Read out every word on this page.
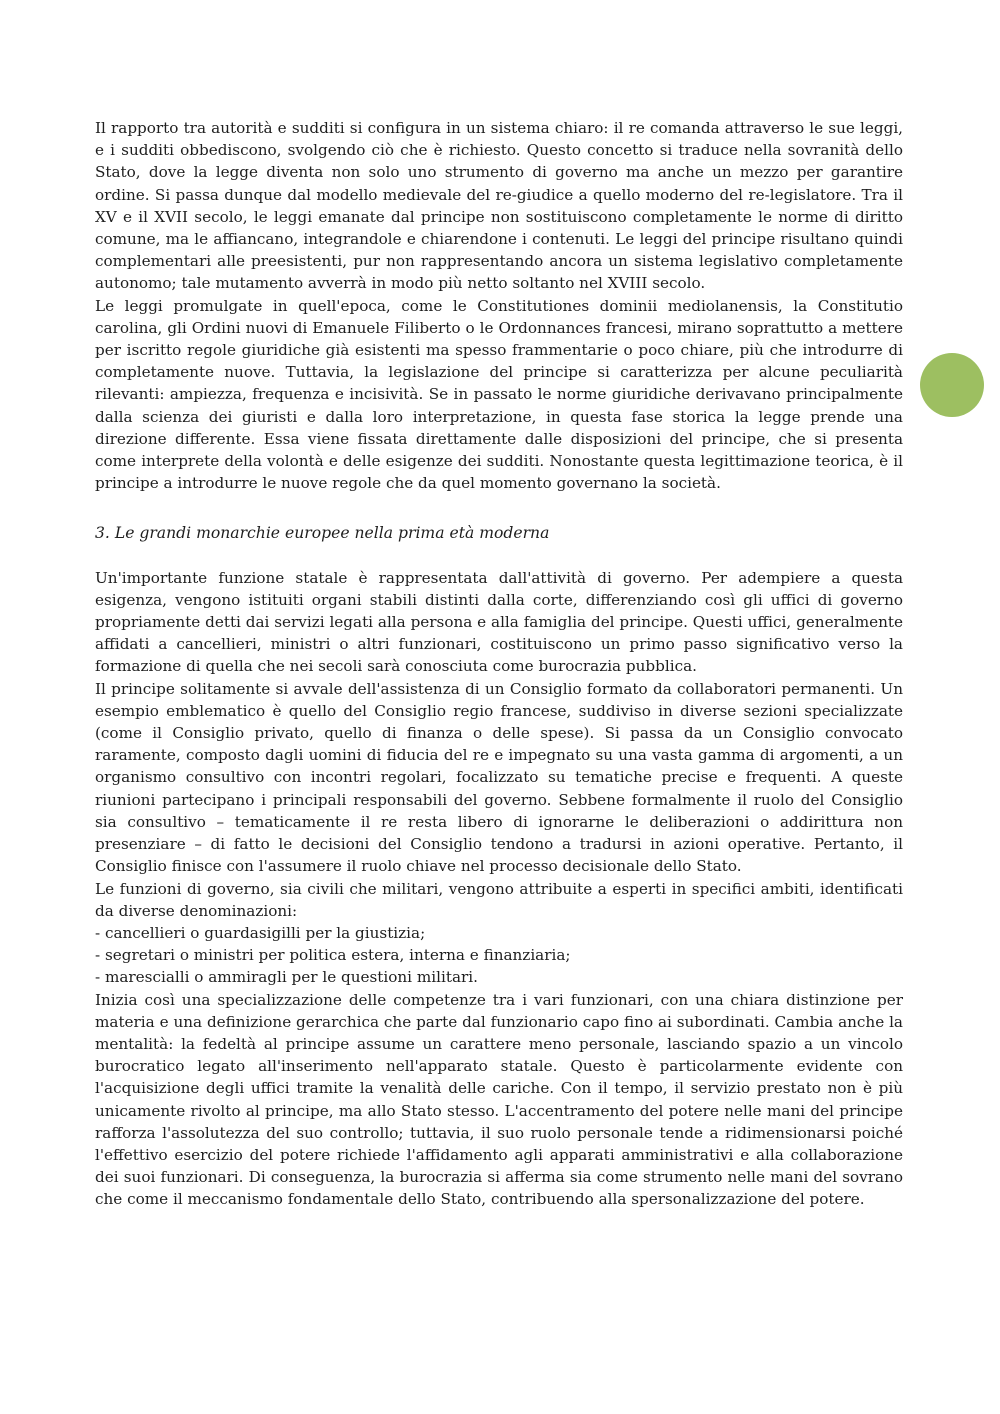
Il rapporto tra autorità e sudditi si configura in un sistema chiaro: il re comanda attraverso le sue leggi, e i sudditi obbediscono, svolgendo ciò che è richiesto. Questo concetto si traduce nella sovranità dello Stato, dove la legge diventa non solo uno strumento di governo ma anche un mezzo per garantire ordine. Si passa dunque dal modello medievale del re-giudice a quello moderno del re-legislatore. Tra il XV e il XVII secolo, le leggi emanate dal principe non sostituiscono completamente le norme di diritto comune, ma le affiancano, integrandole e chiarendone i contenuti. Le leggi del principe risultano quindi complementari alle preesistenti, pur non rappresentando ancora un sistema legislativo completamente autonomo; tale mutamento avverrà in modo più netto soltanto nel XVIII secolo.

Le leggi promulgate in quell'epoca, come le Constitutiones dominii mediolanensis, la Constitutio carolina, gli Ordini nuovi di Emanuele Filiberto o le Ordonnances francesi, mirano soprattutto a mettere per iscritto regole giuridiche già esistenti ma spesso frammentarie o poco chiare, più che introdurre di completamente nuove. Tuttavia, la legislazione del principe si caratterizza per alcune peculiarità rilevanti: ampiezza, frequenza e incisività. Se in passato le norme giuridiche derivavano principalmente dalla scienza dei giuristi e dalla loro interpretazione, in questa fase storica la legge prende una direzione differente. Essa viene fissata direttamente dalle disposizioni del principe, che si presenta come interprete della volontà e delle esigenze dei sudditi. Nonostante questa legittimazione teorica, è il principe a introdurre le nuove regole che da quel momento governano la società.

3. Le grandi monarchie europee nella prima età moderna

Un'importante funzione statale è rappresentata dall'attività di governo. Per adempiere a questa esigenza, vengono istituiti organi stabili distinti dalla corte, differenziando così gli uffici di governo propriamente detti dai servizi legati alla persona e alla famiglia del principe. Questi uffici, generalmente affidati a cancellieri, ministri o altri funzionari, costituiscono un primo passo significativo verso la formazione di quella che nei secoli sarà conosciuta come burocrazia pubblica.

Il principe solitamente si avvale dell'assistenza di un Consiglio formato da collaboratori permanenti. Un esempio emblematico è quello del Consiglio regio francese, suddiviso in diverse sezioni specializzate (come il Consiglio privato, quello di finanza o delle spese). Si passa da un Consiglio convocato raramente, composto dagli uomini di fiducia del re e impegnato su una vasta gamma di argomenti, a un organismo consultivo con incontri regolari, focalizzato su tematiche precise e frequenti. A queste riunioni partecipano i principali responsabili del governo. Sebbene formalmente il ruolo del Consiglio sia consultivo – tematicamente il re resta libero di ignorarne le deliberazioni o addirittura non presenziare – di fatto le decisioni del Consiglio tendono a tradursi in azioni operative. Pertanto, il Consiglio finisce con l'assumere il ruolo chiave nel processo decisionale dello Stato.

Le funzioni di governo, sia civili che militari, vengono attribuite a esperti in specifici ambiti, identificati da diverse denominazioni:

- cancellieri o guardasigilli per la giustizia;

- segretari o ministri per politica estera, interna e finanziaria;

- marescialli o ammiragli per le questioni militari.

Inizia così una specializzazione delle competenze tra i vari funzionari, con una chiara distinzione per materia e una definizione gerarchica che parte dal funzionario capo fino ai subordinati. Cambia anche la mentalità: la fedeltà al principe assume un carattere meno personale, lasciando spazio a un vincolo burocratico legato all'inserimento nell'apparato statale. Questo è particolarmente evidente con l'acquisizione degli uffici tramite la venalità delle cariche. Con il tempo, il servizio prestato non è più unicamente rivolto al principe, ma allo Stato stesso. L'accentramento del potere nelle mani del principe rafforza l'assolutezza del suo controllo; tuttavia, il suo ruolo personale tende a ridimensionarsi poiché l'effettivo esercizio del potere richiede l'affidamento agli apparati amministrativi e alla collaborazione dei suoi funzionari. Di conseguenza, la burocrazia si afferma sia come strumento nelle mani del sovrano che come il meccanismo fondamentale dello Stato, contribuendo alla spersonalizzazione del potere.
